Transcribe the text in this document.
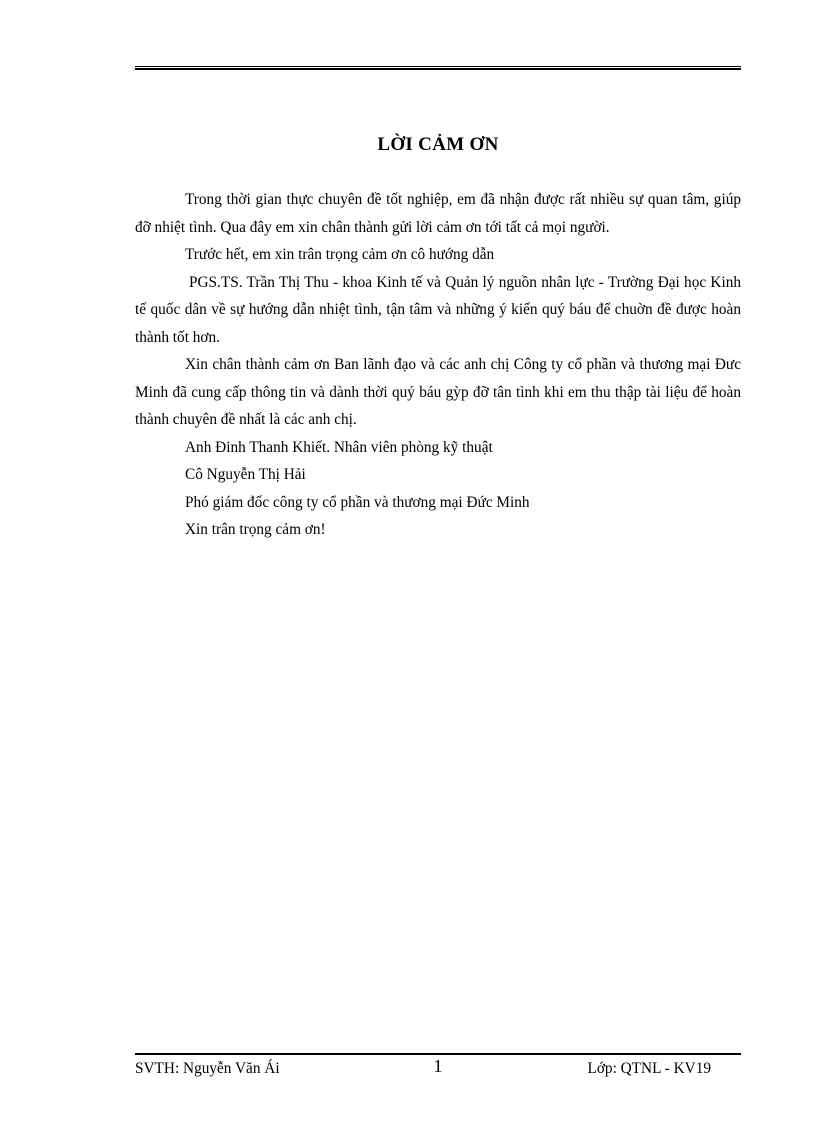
LỜI CẢM ƠN

Trong thời gian thực chuyên đề tốt nghiệp, em đã nhận được rất nhiều sự quan tâm, giúp đỡ nhiệt tình. Qua đây em xin chân thành gửi lời cảm ơn tới tất cả mọi người.

Trước hết, em xin trân trọng cảm ơn cô hướng dẫn

PGS.TS. Trần Thị Thu - khoa Kinh tế và Quản lý nguồn nhân lực - Trường Đại học Kinh tế quốc dân về sự hướng dẫn nhiệt tình, tận tâm và những ý kiến quý báu để chuờn đề được hoàn thành tốt hơn.

Xin chân thành cảm ơn Ban lãnh đạo và các anh chị Công ty cổ phần và thương mại Đưc Minh đã cung cấp thông tin và dành thời quý báu gỳp đỡ tân tình khi em thu thập tài liệu để hoàn thành chuyên đề nhất là các anh chị.

Anh Đinh Thanh Khiết. Nhân viên phòng kỹ thuật

Cô Nguyễn Thị Hải

Phó giám đốc công ty cổ phần và thương mại Đức Minh

Xin trân trọng cảm ơn!

SVTH: Nguyễn Văn Ái	1	Lớp: QTNL - KV19
